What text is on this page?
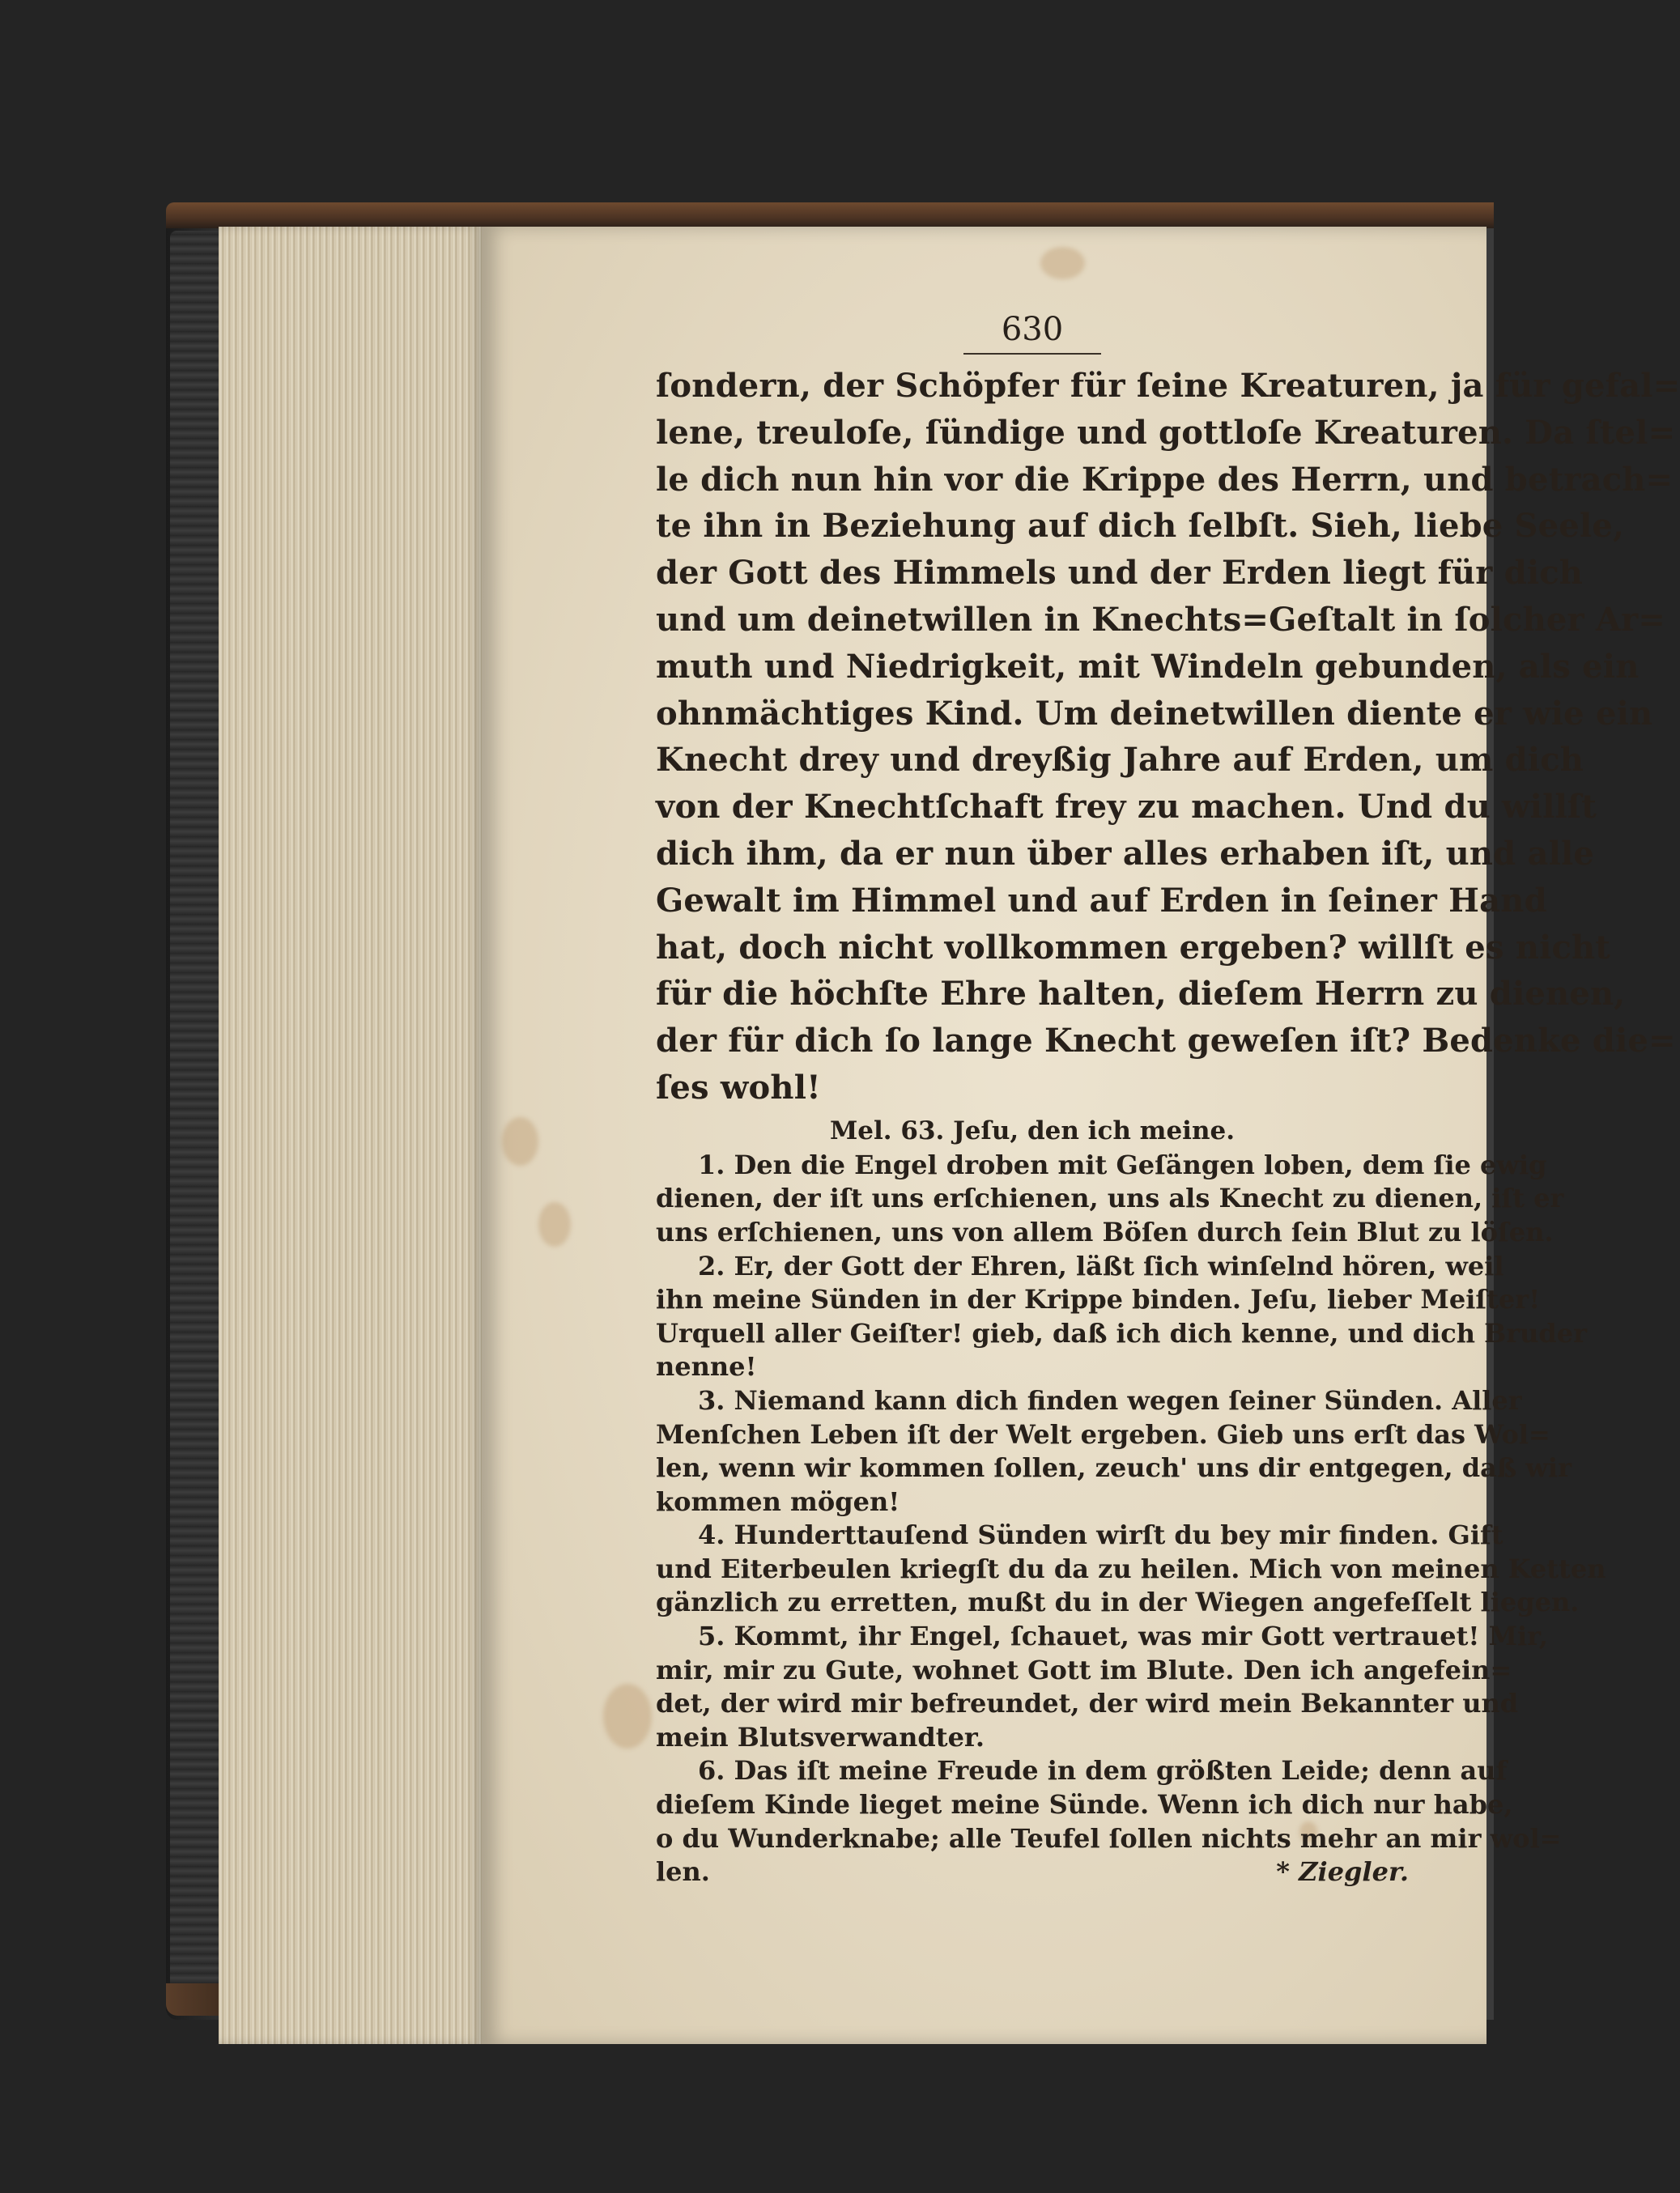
630
ſondern, der Schöpfer für ſeine Kreaturen, ja für gefal=
lene, treuloſe, ſündige und gottloſe Kreaturen. Da ſtel=
le dich nun hin vor die Krippe des Herrn, und betrach=
te ihn in Beziehung auf dich ſelbſt. Sieh, liebe Seele,
der Gott des Himmels und der Erden liegt für dich
und um deinetwillen in Knechts=Geſtalt in ſolcher Ar=
muth und Niedrigkeit, mit Windeln gebunden, als ein
ohnmächtiges Kind. Um deinetwillen diente er wie ein
Knecht drey und dreyßig Jahre auf Erden, um dich
von der Knechtſchaft frey zu machen. Und du willſt
dich ihm, da er nun über alles erhaben iſt, und alle
Gewalt im Himmel und auf Erden in ſeiner Hand
hat, doch nicht vollkommen ergeben? willſt es nicht
für die höchſte Ehre halten, dieſem Herrn zu dienen,
der für dich ſo lange Knecht geweſen iſt? Bedenke die=
ſes wohl!
Mel. 63. Jeſu, den ich meine.
1. Den die Engel droben mit Geſängen loben, dem ſie ewig
dienen, der iſt uns erſchienen, uns als Knecht zu dienen, iſt er
uns erſchienen, uns von allem Böſen durch ſein Blut zu löſen.
2. Er, der Gott der Ehren, läßt ſich winſelnd hören, weil
ihn meine Sünden in der Krippe binden. Jeſu, lieber Meiſter!
Urquell aller Geiſter! gieb, daß ich dich kenne, und dich Bruder
nenne!
3. Niemand kann dich finden wegen ſeiner Sünden. Aller
Menſchen Leben iſt der Welt ergeben. Gieb uns erſt das Wol=
len, wenn wir kommen ſollen, zeuch' uns dir entgegen, daß wir
kommen mögen!
4. Hunderttauſend Sünden wirſt du bey mir finden. Gift
und Eiterbeulen kriegſt du da zu heilen. Mich von meinen Ketten
gänzlich zu erretten, mußt du in der Wiegen angefeſſelt liegen.
5. Kommt, ihr Engel, ſchauet, was mir Gott vertrauet! Mir,
mir, mir zu Gute, wohnet Gott im Blute. Den ich angefein=
det, der wird mir befreundet, der wird mein Bekannter und
mein Blutsverwandter.
6. Das iſt meine Freude in dem größten Leide; denn auf
dieſem Kinde lieget meine Sünde. Wenn ich dich nur habe,
o du Wunderknabe; alle Teufel ſollen nichts mehr an mir wol=
len.	* Ziegler.
